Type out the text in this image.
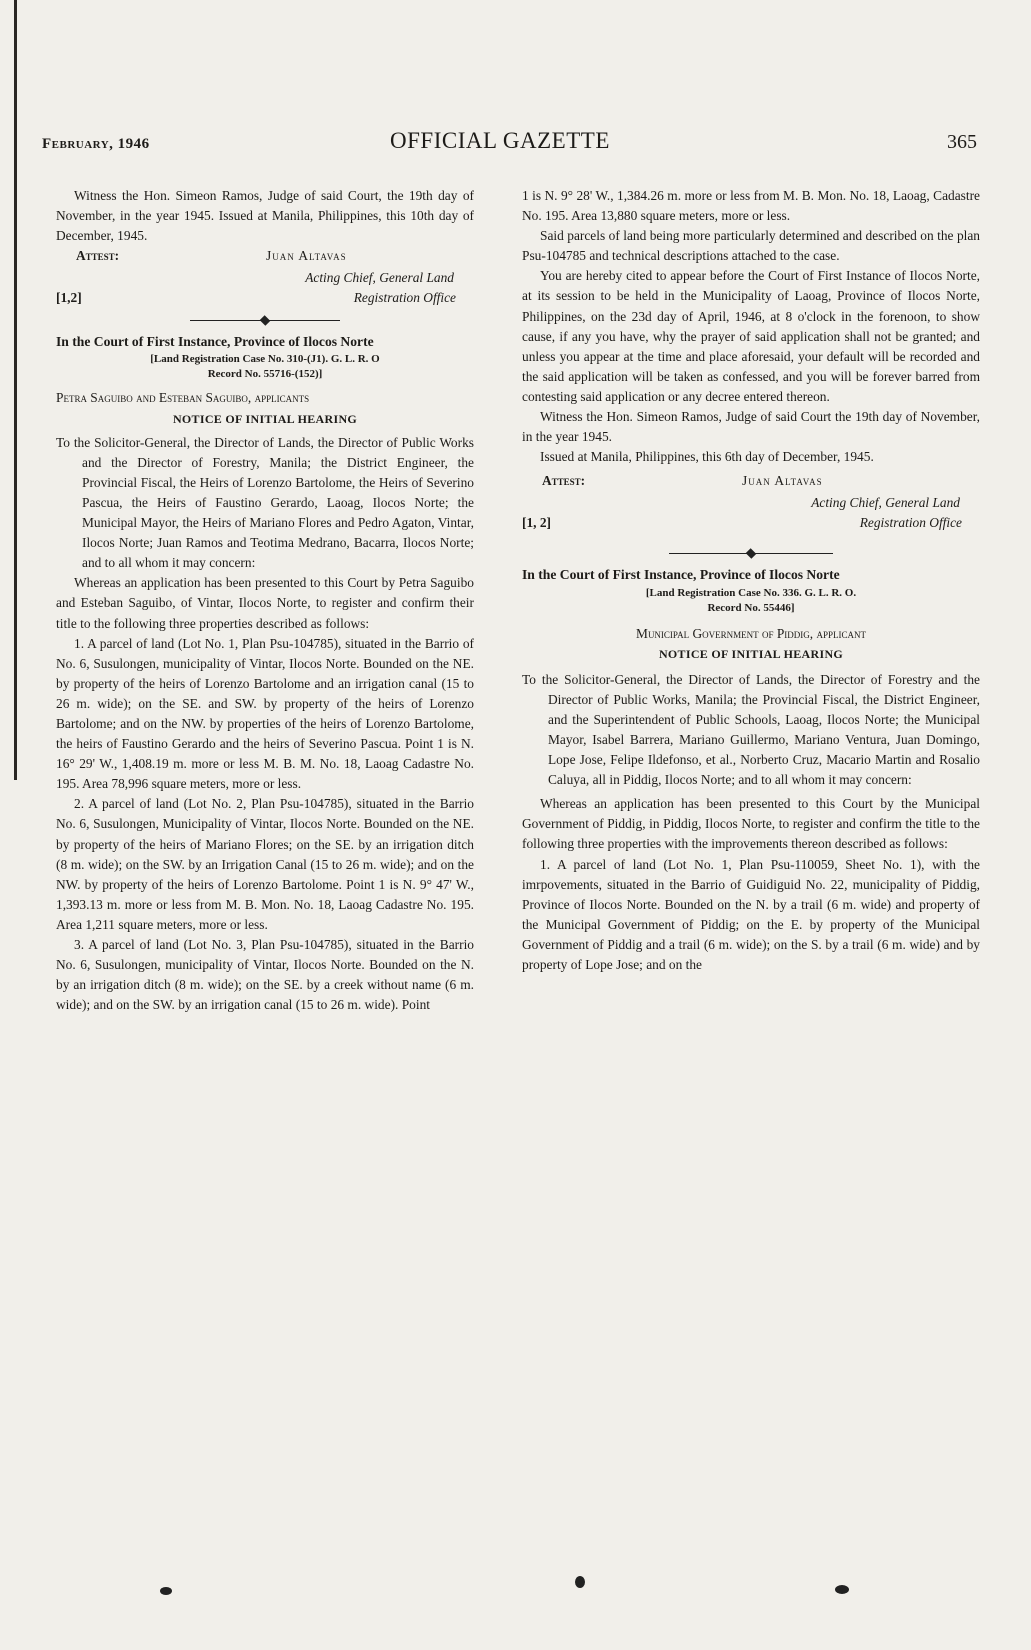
February, 1946	OFFICIAL GAZETTE	365

Witness the Hon. Simeon Ramos, Judge of said Court, the 19th day of November, in the year 1945. Issued at Manila, Philippines, this 10th day of December, 1945.

Attest:	Juan Altavas

Acting Chief, General Land

[1,2]	Registration Office

In the Court of First Instance, Province of Ilocos Norte

[Land Registration Case No. 310-(J1). G. L. R. O

Record No. 55716-(152)]

Petra Saguibo and Esteban Saguibo, applicants

NOTICE OF INITIAL HEARING

To the Solicitor-General, the Director of Lands, the Director of Public Works and the Director of Forestry, Manila; the District Engineer, the Provincial Fiscal, the Heirs of Lorenzo Bartolome, the Heirs of Severino Pascua, the Heirs of Faustino Gerardo, Laoag, Ilocos Norte; the Municipal Mayor, the Heirs of Mariano Flores and Pedro Agaton, Vintar, Ilocos Norte; Juan Ramos and Teotima Medrano, Bacarra, Ilocos Norte; and to all whom it may concern:

Whereas an application has been presented to this Court by Petra Saguibo and Esteban Saguibo, of Vintar, Ilocos Norte, to register and confirm their title to the following three properties described as follows:

1. A parcel of land (Lot No. 1, Plan Psu-104785), situated in the Barrio of No. 6, Susulongen, municipality of Vintar, Ilocos Norte. Bounded on the NE. by property of the heirs of Lorenzo Bartolome and an irrigation canal (15 to 26 m. wide); on the SE. and SW. by property of the heirs of Lorenzo Bartolome; and on the NW. by properties of the heirs of Lorenzo Bartolome, the heirs of Faustino Gerardo and the heirs of Severino Pascua. Point 1 is N. 16° 29' W., 1,408.19 m. more or less M. B. M. No. 18, Laoag Cadastre No. 195. Area 78,996 square meters, more or less.

2. A parcel of land (Lot No. 2, Plan Psu-104785), situated in the Barrio No. 6, Susulongen, Municipality of Vintar, Ilocos Norte. Bounded on the NE. by property of the heirs of Mariano Flores; on the SE. by an irrigation ditch (8 m. wide); on the SW. by an Irrigation Canal (15 to 26 m. wide); and on the NW. by property of the heirs of Lorenzo Bartolome. Point 1 is N. 9° 47' W., 1,393.13 m. more or less from M. B. Mon. No. 18, Laoag Cadastre No. 195. Area 1,211 square meters, more or less.

3. A parcel of land (Lot No. 3, Plan Psu-104785), situated in the Barrio No. 6, Susulongen, municipality of Vintar, Ilocos Norte. Bounded on the N. by an irrigation ditch (8 m. wide); on the SE. by a creek without name (6 m. wide); and on the SW. by an irrigation canal (15 to 26 m. wide). Point

1 is N. 9° 28' W., 1,384.26 m. more or less from M. B. Mon. No. 18, Laoag, Cadastre No. 195. Area 13,880 square meters, more or less.

Said parcels of land being more particularly determined and described on the plan Psu-104785 and technical descriptions attached to the case.

You are hereby cited to appear before the Court of First Instance of Ilocos Norte, at its session to be held in the Municipality of Laoag, Province of Ilocos Norte, Philippines, on the 23d day of April, 1946, at 8 o'clock in the forenoon, to show cause, if any you have, why the prayer of said application shall not be granted; and unless you appear at the time and place aforesaid, your default will be recorded and the said application will be taken as confessed, and you will be forever barred from contesting said application or any decree entered thereon.

Witness the Hon. Simeon Ramos, Judge of said Court the 19th day of November, in the year 1945.

Issued at Manila, Philippines, this 6th day of December, 1945.

Attest:	Juan Altavas

Acting Chief, General Land

[1, 2]	Registration Office

In the Court of First Instance, Province of Ilocos Norte

[Land Registration Case No. 336. G. L. R. O.

Record No. 55446]

Municipal Government of Piddig, applicant

NOTICE OF INITIAL HEARING

To the Solicitor-General, the Director of Lands, the Director of Forestry and the Director of Public Works, Manila; the Provincial Fiscal, the District Engineer, and the Superintendent of Public Schools, Laoag, Ilocos Norte; the Municipal Mayor, Isabel Barrera, Mariano Guillermo, Mariano Ventura, Juan Domingo, Lope Jose, Felipe Ildefonso, et al., Norberto Cruz, Macario Martin and Rosalio Caluya, all in Piddig, Ilocos Norte; and to all whom it may concern:

Whereas an application has been presented to this Court by the Municipal Government of Piddig, in Piddig, Ilocos Norte, to register and confirm the title to the following three properties with the improvements thereon described as follows:

1. A parcel of land (Lot No. 1, Plan Psu-110059, Sheet No. 1), with the imrpovements, situated in the Barrio of Guidiguid No. 22, municipality of Piddig, Province of Ilocos Norte. Bounded on the N. by a trail (6 m. wide) and property of the Municipal Government of Piddig; on the E. by property of the Municipal Government of Piddig and a trail (6 m. wide); on the S. by a trail (6 m. wide) and by property of Lope Jose; and on the
